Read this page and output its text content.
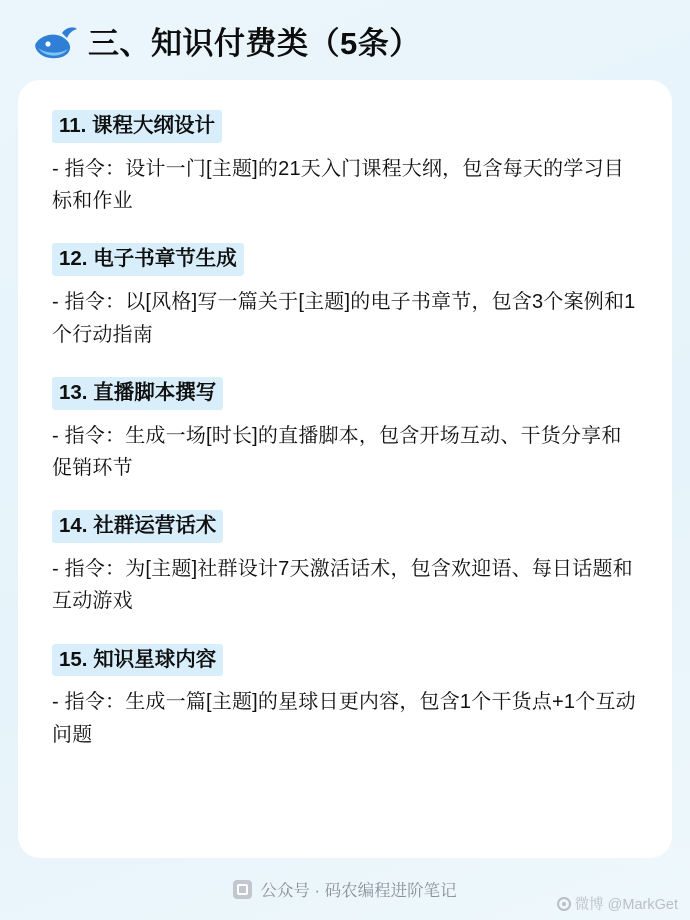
三、知识付费类（5条）
11. 课程大纲设计
- 指令：设计一门[主题]的21天入门课程大纲，包含每天的学习目标和作业
12. 电子书章节生成
- 指令：以[风格]写一篇关于[主题]的电子书章节，包含3个案例和1个行动指南
13. 直播脚本撰写
- 指令：生成一场[时长]的直播脚本，包含开场互动、干货分享和促销环节
14. 社群运营话术
- 指令：为[主题]社群设计7天激活话术，包含欢迎语、每日话题和互动游戏
15. 知识星球内容
- 指令：生成一篇[主题]的星球日更内容，包含1个干货点+1个互动问题
公众号 · 码农编程进阶笔记
微博 @MarkGet
